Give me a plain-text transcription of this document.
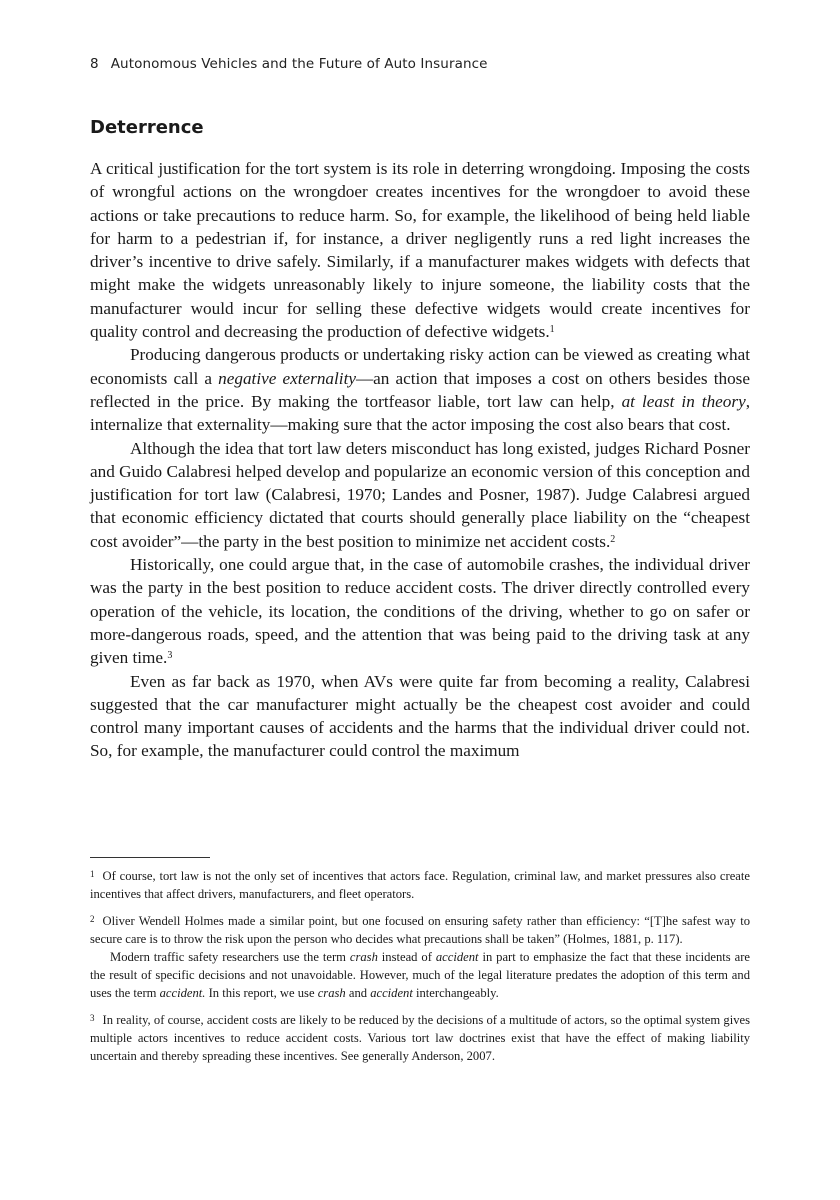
8 Autonomous Vehicles and the Future of Auto Insurance
Deterrence

A critical justification for the tort system is its role in deterring wrongdoing. Imposing the costs of wrongful actions on the wrongdoer creates incentives for the wrongdoer to avoid these actions or take precautions to reduce harm. So, for example, the likelihood of being held liable for harm to a pedestrian if, for instance, a driver negligently runs a red light increases the driver’s incentive to drive safely. Similarly, if a manufacturer makes widgets with defects that might make the widgets unreasonably likely to injure someone, the liability costs that the manufacturer would incur for selling these defective widgets would create incentives for quality control and decreasing the production of defective widgets.$^1$

Producing dangerous products or undertaking risky action can be viewed as creating what economists call a negative externality—an action that imposes a cost on others besides those reflected in the price. By making the tortfeasor liable, tort law can help, at least in theory, internalize that externality—making sure that the actor imposing the cost also bears that cost.

Although the idea that tort law deters misconduct has long existed, judges Richard Posner and Guido Calabresi helped develop and popularize an economic version of this conception and justification for tort law (Calabresi, 1970; Landes and Posner, 1987). Judge Calabresi argued that economic efficiency dictated that courts should generally place liability on the “cheapest cost avoider”—the party in the best position to minimize net accident costs.$^2$

Historically, one could argue that, in the case of automobile crashes, the individual driver was the party in the best position to reduce accident costs. The driver directly controlled every operation of the vehicle, its location, the conditions of the driving, whether to go on safer or more-dangerous roads, speed, and the attention that was being paid to the driving task at any given time.$^3$

Even as far back as 1970, when AVs were quite far from becoming a reality, Calabresi suggested that the car manufacturer might actually be the cheapest cost avoider and could control many important causes of accidents and the harms that the individual driver could not. So, for example, the manufacturer could control the maximum

$^1$ Of course, tort law is not the only set of incentives that actors face. Regulation, criminal law, and market pressures also create incentives that affect drivers, manufacturers, and fleet operators.

$^2$ Oliver Wendell Holmes made a similar point, but one focused on ensuring safety rather than efficiency: “[T]he safest way to secure care is to throw the risk upon the person who decides what precautions shall be taken” (Holmes, 1881, p. 117).

Modern traffic safety researchers use the term crash instead of accident in part to emphasize the fact that these incidents are the result of specific decisions and not unavoidable. However, much of the legal literature predates the adoption of this term and uses the term accident. In this report, we use crash and accident interchangeably.

$^3$ In reality, of course, accident costs are likely to be reduced by the decisions of a multitude of actors, so the optimal system gives multiple actors incentives to reduce accident costs. Various tort law doctrines exist that have the effect of making liability uncertain and thereby spreading these incentives. See generally Anderson, 2007.
